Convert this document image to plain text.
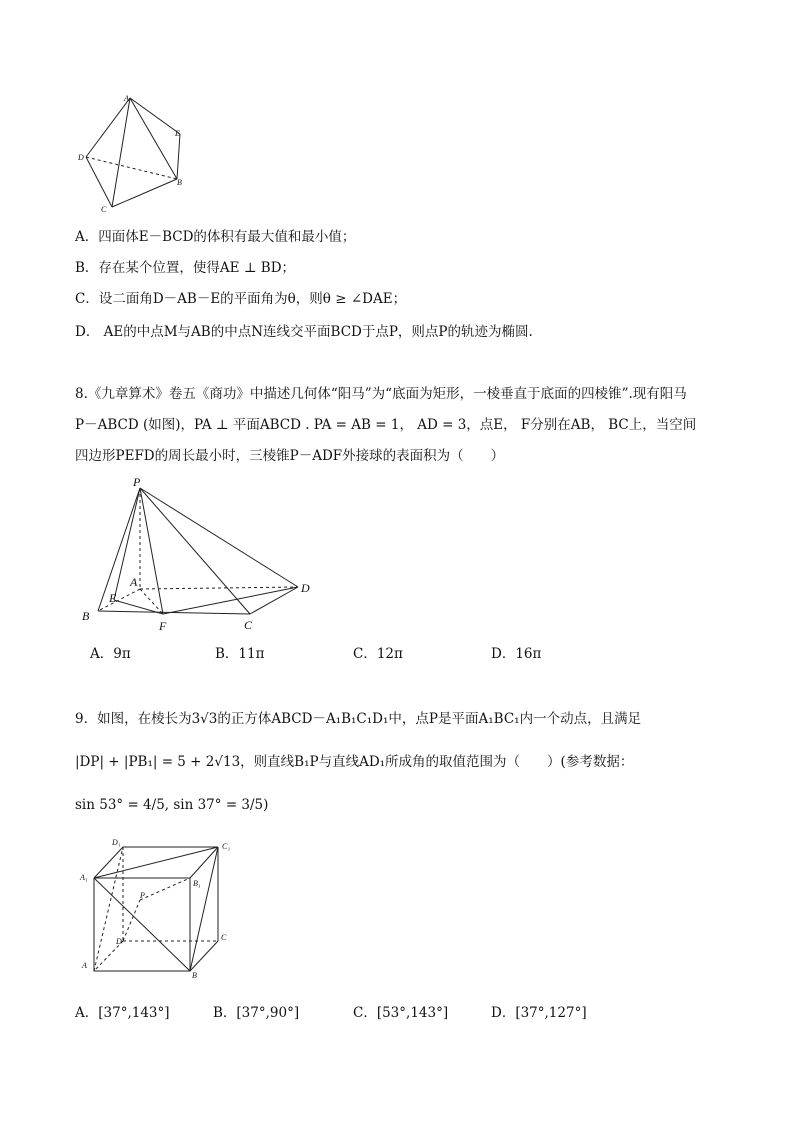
A
E
D
B
C
A．四面体E－BCD的体积有最大值和最小值；
B．存在某个位置，使得AE ⊥ BD；
C．设二面角D－AB－E的平面角为θ，则θ ≥ ∠DAE；
D． AE的中点M与AB的中点N连线交平面BCD于点P，则点P的轨迹为椭圆.
8.《九章算术》卷五《商功》中描述几何体“阳马”为“底面为矩形，一棱垂直于底面的四棱锥”.现有阳马
P－ABCD (如图)，PA ⊥ 平面ABCD . PA = AB = 1， AD = 3，点E， F分别在AB， BC上，当空间
四边形PEFD的周长最小时，三棱锥P－ADF外接球的表面积为（　　）
P
A
E
B
F	C
D
A．9π	B．11π	C．12π	D．16π
9．如图，在棱长为3√3的正方体ABCD－A₁B₁C₁D₁中，点P是平面A₁BC₁内一个动点，且满足
|DP| + |PB₁| = 5 + 2√13，则直线B₁P与直线AD₁所成角的取值范围为（　　）(参考数据：
sin 53° = 4/5, sin 37° = 3/5)
D₁	C₁
A₁
B₁
P
D	C
A
B
A．[37°,143°]	B．[37°,90°]	C．[53°,143°]	D．[37°,127°]
